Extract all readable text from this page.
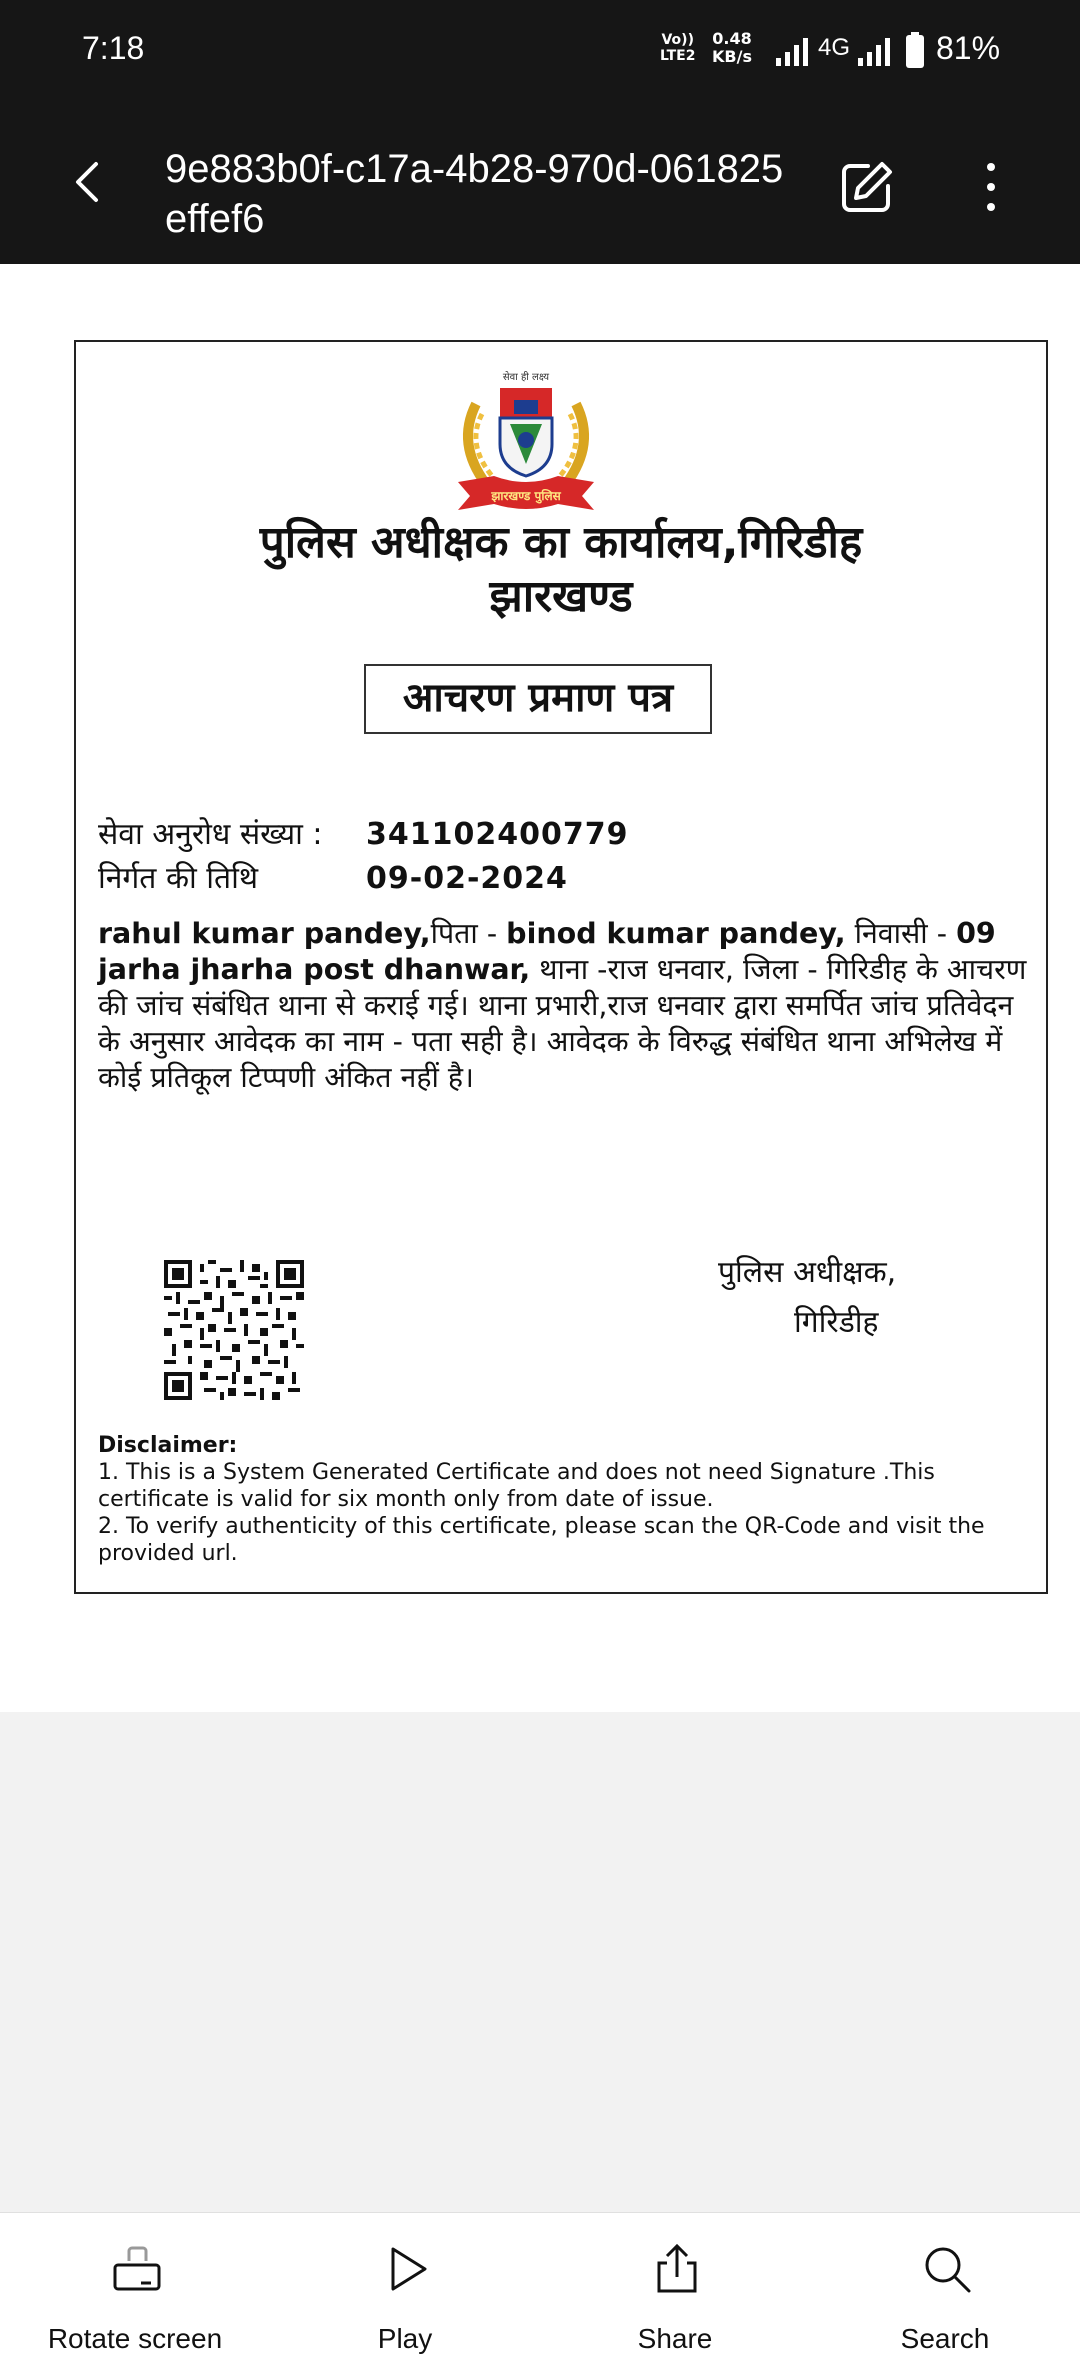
7:18	Vo))
LTE2
0.48
KB/s	4G	81%
9e883b0f-c17a-4b28-970d-061825effef6
सेवा ही लक्ष्य
झारखण्ड पुलिस
पुलिस अधीक्षक का कार्यालय,गिरिडीह
झारखण्ड
आचरण प्रमाण पत्र
सेवा अनुरोध संख्या : 341102400779
निर्गत की तिथि	09-02-2024
rahul kumar pandey,पिता - binod kumar pandey, निवासी - 09 jarha jharha post dhanwar, थाना -राज धनवार, जिला - गिरिडीह के आचरण की जांच संबंधित थाना से कराई गई। थाना प्रभारी,राज धनवार द्वारा समर्पित जांच प्रतिवेदन के अनुसार आवेदक का नाम - पता सही है। आवेदक के विरुद्ध संबंधित थाना अभिलेख में कोई प्रतिकूल टिप्पणी अंकित नहीं है।
पुलिस अधीक्षक,
गिरिडीह
Disclaimer:
1. This is a System Generated Certificate and does not need Signature .This certificate is valid for six month only from date of issue.
2. To verify authenticity of this certificate, please scan the QR-Code and visit the provided url.
Rotate screen	Play	Share	Search
